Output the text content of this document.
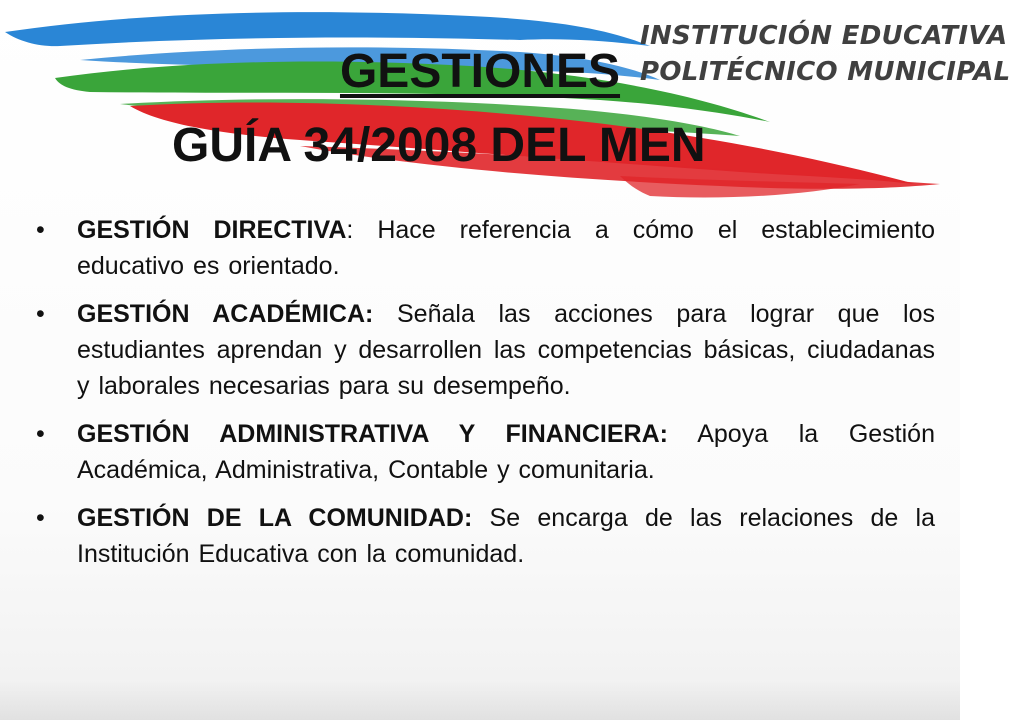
INSTITUCIÓN EDUCATIVA
POLITÉCNICO MUNICIPAL
GESTIONES
GUÍA 34/2008 DEL MEN
• GESTIÓN DIRECTIVA: Hace referencia a cómo el establecimiento educativo es orientado.
• GESTIÓN ACADÉMICA: Señala las acciones para lograr que los estudiantes aprendan y desarrollen las competencias básicas, ciudadanas y laborales necesarias para su desempeño.
• GESTIÓN ADMINISTRATIVA Y FINANCIERA: Apoya la Gestión Académica, Administrativa, Contable y comunitaria.
• GESTIÓN DE LA COMUNIDAD: Se encarga de las relaciones de la Institución Educativa con la comunidad.
